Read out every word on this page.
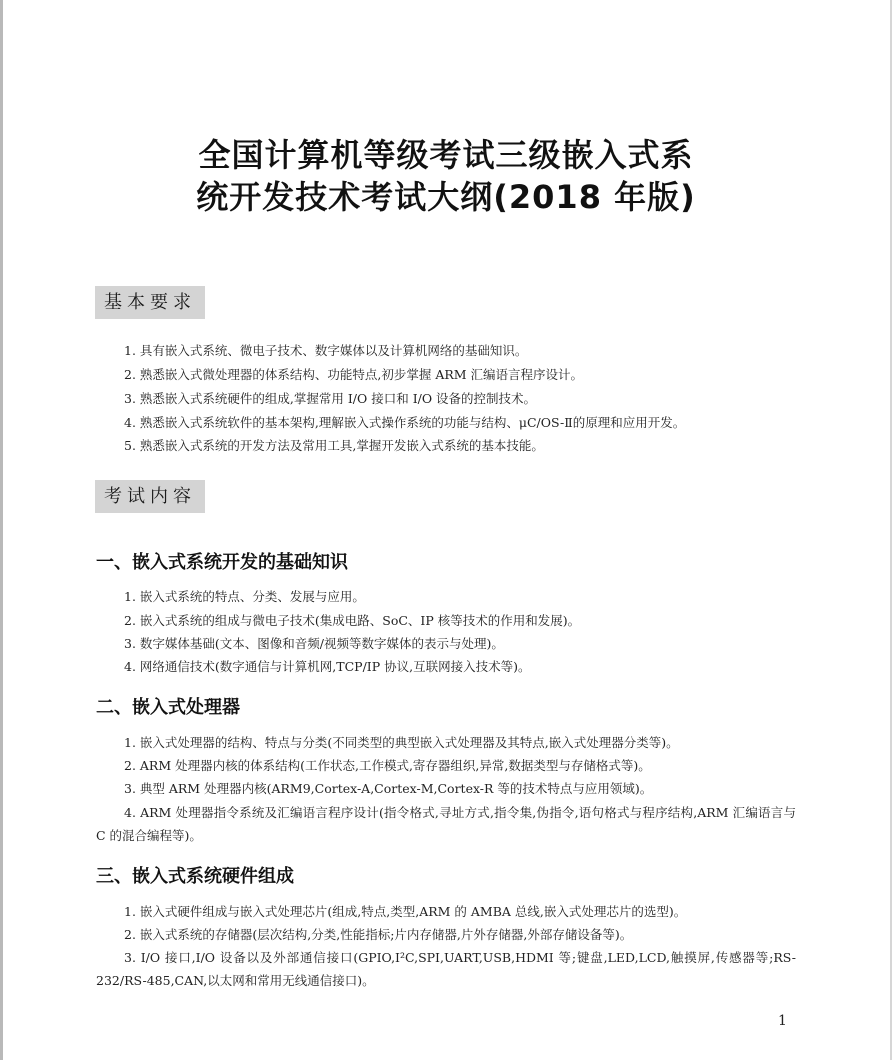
全国计算机等级考试三级嵌入式系
统开发技术考试大纲(2018 年版)
基本要求
1. 具有嵌入式系统、微电子技术、数字媒体以及计算机网络的基础知识。
2. 熟悉嵌入式微处理器的体系结构、功能特点,初步掌握 ARM 汇编语言程序设计。
3. 熟悉嵌入式系统硬件的组成,掌握常用 I/O 接口和 I/O 设备的控制技术。
4. 熟悉嵌入式系统软件的基本架构,理解嵌入式操作系统的功能与结构、μC/OS-Ⅱ的原理和应用开发。
5. 熟悉嵌入式系统的开发方法及常用工具,掌握开发嵌入式系统的基本技能。
考试内容
一、嵌入式系统开发的基础知识
1. 嵌入式系统的特点、分类、发展与应用。
2. 嵌入式系统的组成与微电子技术(集成电路、SoC、IP 核等技术的作用和发展)。
3. 数字媒体基础(文本、图像和音频/视频等数字媒体的表示与处理)。
4. 网络通信技术(数字通信与计算机网,TCP/IP 协议,互联网接入技术等)。
二、嵌入式处理器
1. 嵌入式处理器的结构、特点与分类(不同类型的典型嵌入式处理器及其特点,嵌入式处理器分类等)。
2. ARM 处理器内核的体系结构(工作状态,工作模式,寄存器组织,异常,数据类型与存储格式等)。
3. 典型 ARM 处理器内核(ARM9,Cortex-A,Cortex-M,Cortex-R 等的技术特点与应用领域)。
4. ARM 处理器指令系统及汇编语言程序设计(指令格式,寻址方式,指令集,伪指令,语句格式与程序结构,ARM 汇编语言与 C 的混合编程等)。
三、嵌入式系统硬件组成
1. 嵌入式硬件组成与嵌入式处理芯片(组成,特点,类型,ARM 的 AMBA 总线,嵌入式处理芯片的选型)。
2. 嵌入式系统的存储器(层次结构,分类,性能指标;片内存储器,片外存储器,外部存储设备等)。
3. I/O 接口,I/O 设备以及外部通信接口(GPIO,I²C,SPI,UART,USB,HDMI 等;键盘,LED,LCD,触摸屏,传感器等;RS-232/RS-485,CAN,以太网和常用无线通信接口)。
1
